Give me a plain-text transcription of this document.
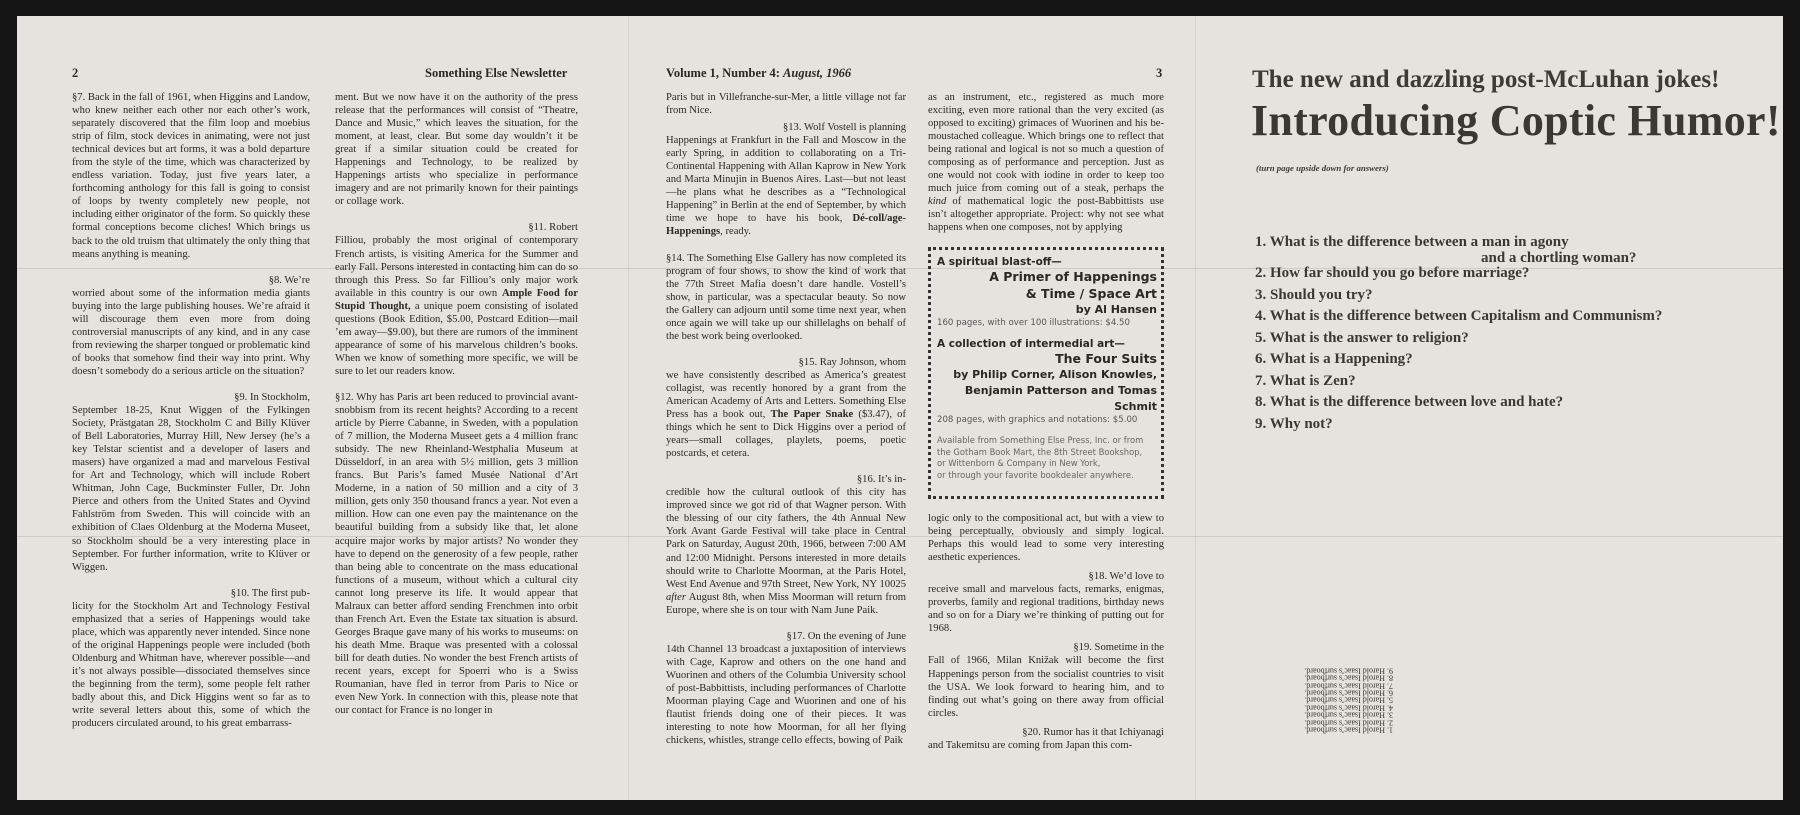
2	Something Else Newsletter

§7. Back in the fall of 1961, when Higgins and Landow, who knew neither each other nor each other’s work, separately discovered that the film loop and moebius strip of film, stock devices in animating, were not just technical devices but art forms, it was a bold departure from the style of the time, which was characterized by endless variation. Today, just five years later, a forthcoming anthology for this fall is going to consist of loops by twenty completely new people, not including either originator of the form. So quickly these formal conceptions become cliches! Which brings us back to the old truism that ultimately the only thing that means anything is meaning.

§8. We’re

worried about some of the information media giants buying into the large publishing houses. We’re afraid it will discourage them even more from doing controversial manuscripts of any kind, and in any case from reviewing the sharper tongued or problematic kind of books that somehow find their way into print. Why doesn’t somebody do a serious article on the situation?

§9. In Stockholm,

September 18-25, Knut Wiggen of the Fylkingen Society, Prästgatan 28, Stockholm C and Billy Klüver of Bell Laboratories, Murray Hill, New Jersey (he’s a key Telstar scientist and a developer of lasers and masers) have organized a mad and marvelous Festival for Art and Technology, which will include Robert Whitman, John Cage, Buckminster Fuller, Dr. John Pierce and others from the United States and Oyvind Fahlström from Sweden. This will coincide with an exhibition of Claes Oldenburg at the Moderna Museet, so Stockholm should be a very interesting place in September. For further information, write to Klüver or Wiggen.

§10. The first pub-

licity for the Stockholm Art and Technology Festival emphasized that a series of Happenings would take place, which was apparently never intended. Since none of the original Happenings people were included (both Oldenburg and Whitman have, wherever possible—and it’s not always possible—dissociated themselves since the beginning from the term), some people felt rather badly about this, and Dick Higgins went so far as to write several letters about this, some of which the producers circulated around, to his great embarrass-

ment. But we now have it on the authority of the press release that the performances will consist of “Theatre, Dance and Music,” which leaves the situation, for the moment, at least, clear. But some day wouldn’t it be great if a similar situation could be created for Happenings and Technology, to be realized by Happenings artists who specialize in performance imagery and are not primarily known for their paintings or collage work.

§11. Robert

Filliou, probably the most original of contemporary French artists, is visiting America for the Summer and early Fall. Persons interested in contacting him can do so through this Press. So far Filliou’s only major work available in this country is our own Ample Food for Stupid Thought, a unique poem consisting of isolated questions (Book Edition, $5.00, Postcard Edition—mail ’em away—$9.00), but there are rumors of the imminent appearance of some of his marvelous children’s books. When we know of something more specific, we will be sure to let our readers know.

§12. Why has Paris art been reduced to provincial avant-snobbism from its recent heights? According to a recent article by Pierre Cabanne, in Sweden, with a population of 7 million, the Moderna Museet gets a 4 million franc subsidy. The new Rheinland-Westphalia Museum at Düsseldorf, in an area with 5½ million, gets 3 million francs. But Paris’s famed Musée National d’Art Moderne, in a nation of 50 million and a city of 3 million, gets only 350 thousand francs a year. Not even a million. How can one even pay the maintenance on the beautiful building from a subsidy like that, let alone acquire major works by major artists? No wonder they have to depend on the generosity of a few people, rather than being able to concentrate on the mass educational functions of a museum, without which a cultural city cannot long preserve its life. It would appear that Malraux can better afford sending Frenchmen into orbit than French Art. Even the Estate tax situation is absurd. Georges Braque gave many of his works to museums: on his death Mme. Braque was presented with a colossal bill for death duties. No wonder the best French artists of recent years, except for Spoerri who is a Swiss Roumanian, have fled in terror from Paris to Nice or even New York. In connection with this, please note that our contact for France is no longer in

Volume 1, Number 4: August, 1966	3

Paris but in Villefranche-sur-Mer, a little village not far from Nice.

§13. Wolf Vostell is planning

Happenings at Frankfurt in the Fall and Moscow in the early Spring, in addition to collaborating on a Tri-Continental Happening with Allan Kaprow in New York and Marta Minujin in Buenos Aires. Last—but not least—he plans what he describes as a “Technological Happening” in Berlin at the end of September, by which time we hope to have his book, Dé-coll/age-Happenings, ready.

§14. The Something Else Gallery has now completed its program of four shows, to show the kind of work that the 77th Street Mafia doesn’t dare handle. Vostell’s show, in particular, was a spectacular beauty. So now the Gallery can adjourn until some time next year, when once again we will take up our shillelaghs on behalf of the best work being overlooked.

§15. Ray Johnson, whom

we have consistently described as America’s greatest collagist, was recently honored by a grant from the American Academy of Arts and Letters. Something Else Press has a book out, The Paper Snake ($3.47), of things which he sent to Dick Higgins over a period of years—small collages, playlets, poems, poetic postcards, et cetera.

§16. It’s in-

credible how the cultural outlook of this city has improved since we got rid of that Wagner person. With the blessing of our city fathers, the 4th Annual New York Avant Garde Festival will take place in Central Park on Saturday, August 20th, 1966, between 7:00 AM and 12:00 Midnight. Persons interested in more details should write to Charlotte Moorman, at the Paris Hotel, West End Avenue and 97th Street, New York, NY 10025 after August 8th, when Miss Moorman will return from Europe, where she is on tour with Nam June Paik.

§17. On the evening of June

14th Channel 13 broadcast a juxtaposition of interviews with Cage, Kaprow and others on the one hand and Wuorinen and others of the Columbia University school of post-Babbittists, including performances of Charlotte Moorman playing Cage and Wuorinen and one of his flautist friends doing one of their pieces. It was interesting to note how Moorman, for all her flying chickens, whistles, strange cello effects, bowing of Paik

as an instrument, etc., registered as much more exciting, even more rational than the very excited (as opposed to exciting) grimaces of Wuorinen and his be-moustached colleague. Which brings one to reflect that being rational and logical is not so much a question of composing as of performance and perception. Just as one would not cook with iodine in order to keep too much juice from coming out of a steak, perhaps the kind of mathematical logic the post-Babbittists use isn’t altogether appropriate. Project: why not see what happens when one composes, not by applying

A spiritual blast-off—
A Primer of Happenings
& Time / Space Art
by Al Hansen
160 pages, with over 100 illustrations: $4.50
A collection of intermedial art—
The Four Suits
by Philip Corner, Alison Knowles,
Benjamin Patterson and Tomas Schmit
208 pages, with graphics and notations: $5.00
Available from Something Else Press, Inc. or from
the Gotham Book Mart, the 8th Street Bookshop,
or Wittenborn & Company in New York,
or through your favorite bookdealer anywhere.

logic only to the compositional act, but with a view to being perceptually, obviously and simply logical. Perhaps this would lead to some very interesting aesthetic experiences.

§18. We’d love to

receive small and marvelous facts, remarks, enigmas, proverbs, family and regional traditions, birthday news and so on for a Diary we’re thinking of putting out for 1968.

§19. Sometime in the

Fall of 1966, Milan Knižak will become the first Happenings person from the socialist countries to visit the USA. We look forward to hearing him, and to finding out what’s going on there away from official circles.

§20. Rumor has it that Ichiyanagi

and Takemitsu are coming from Japan this com-

The new and dazzling post-McLuhan jokes!
Introducing Coptic Humor!
(turn page upside down for answers)
1. What is the difference between a man in agony
and a chortling woman?
2. How far should you go before marriage?
3. Should you try?
4. What is the difference between Capitalism and Communism?
5. What is the answer to religion?
6. What is a Happening?
7. What is Zen?
8. What is the difference between love and hate?
9. Why not?
1. Harold Isaac’s surfboard.
2. Harold Isaac’s surfboard.
3. Harold Isaac’s surfboard.
4. Harold Isaac’s surfboard.
5. Harold Isaac’s surfboard.
6. Harold Isaac’s surfboard.
7. Harold Isaac’s surfboard.
8. Harold Isaac’s surfboard.
9. Harold Isaac’s surfboard.
